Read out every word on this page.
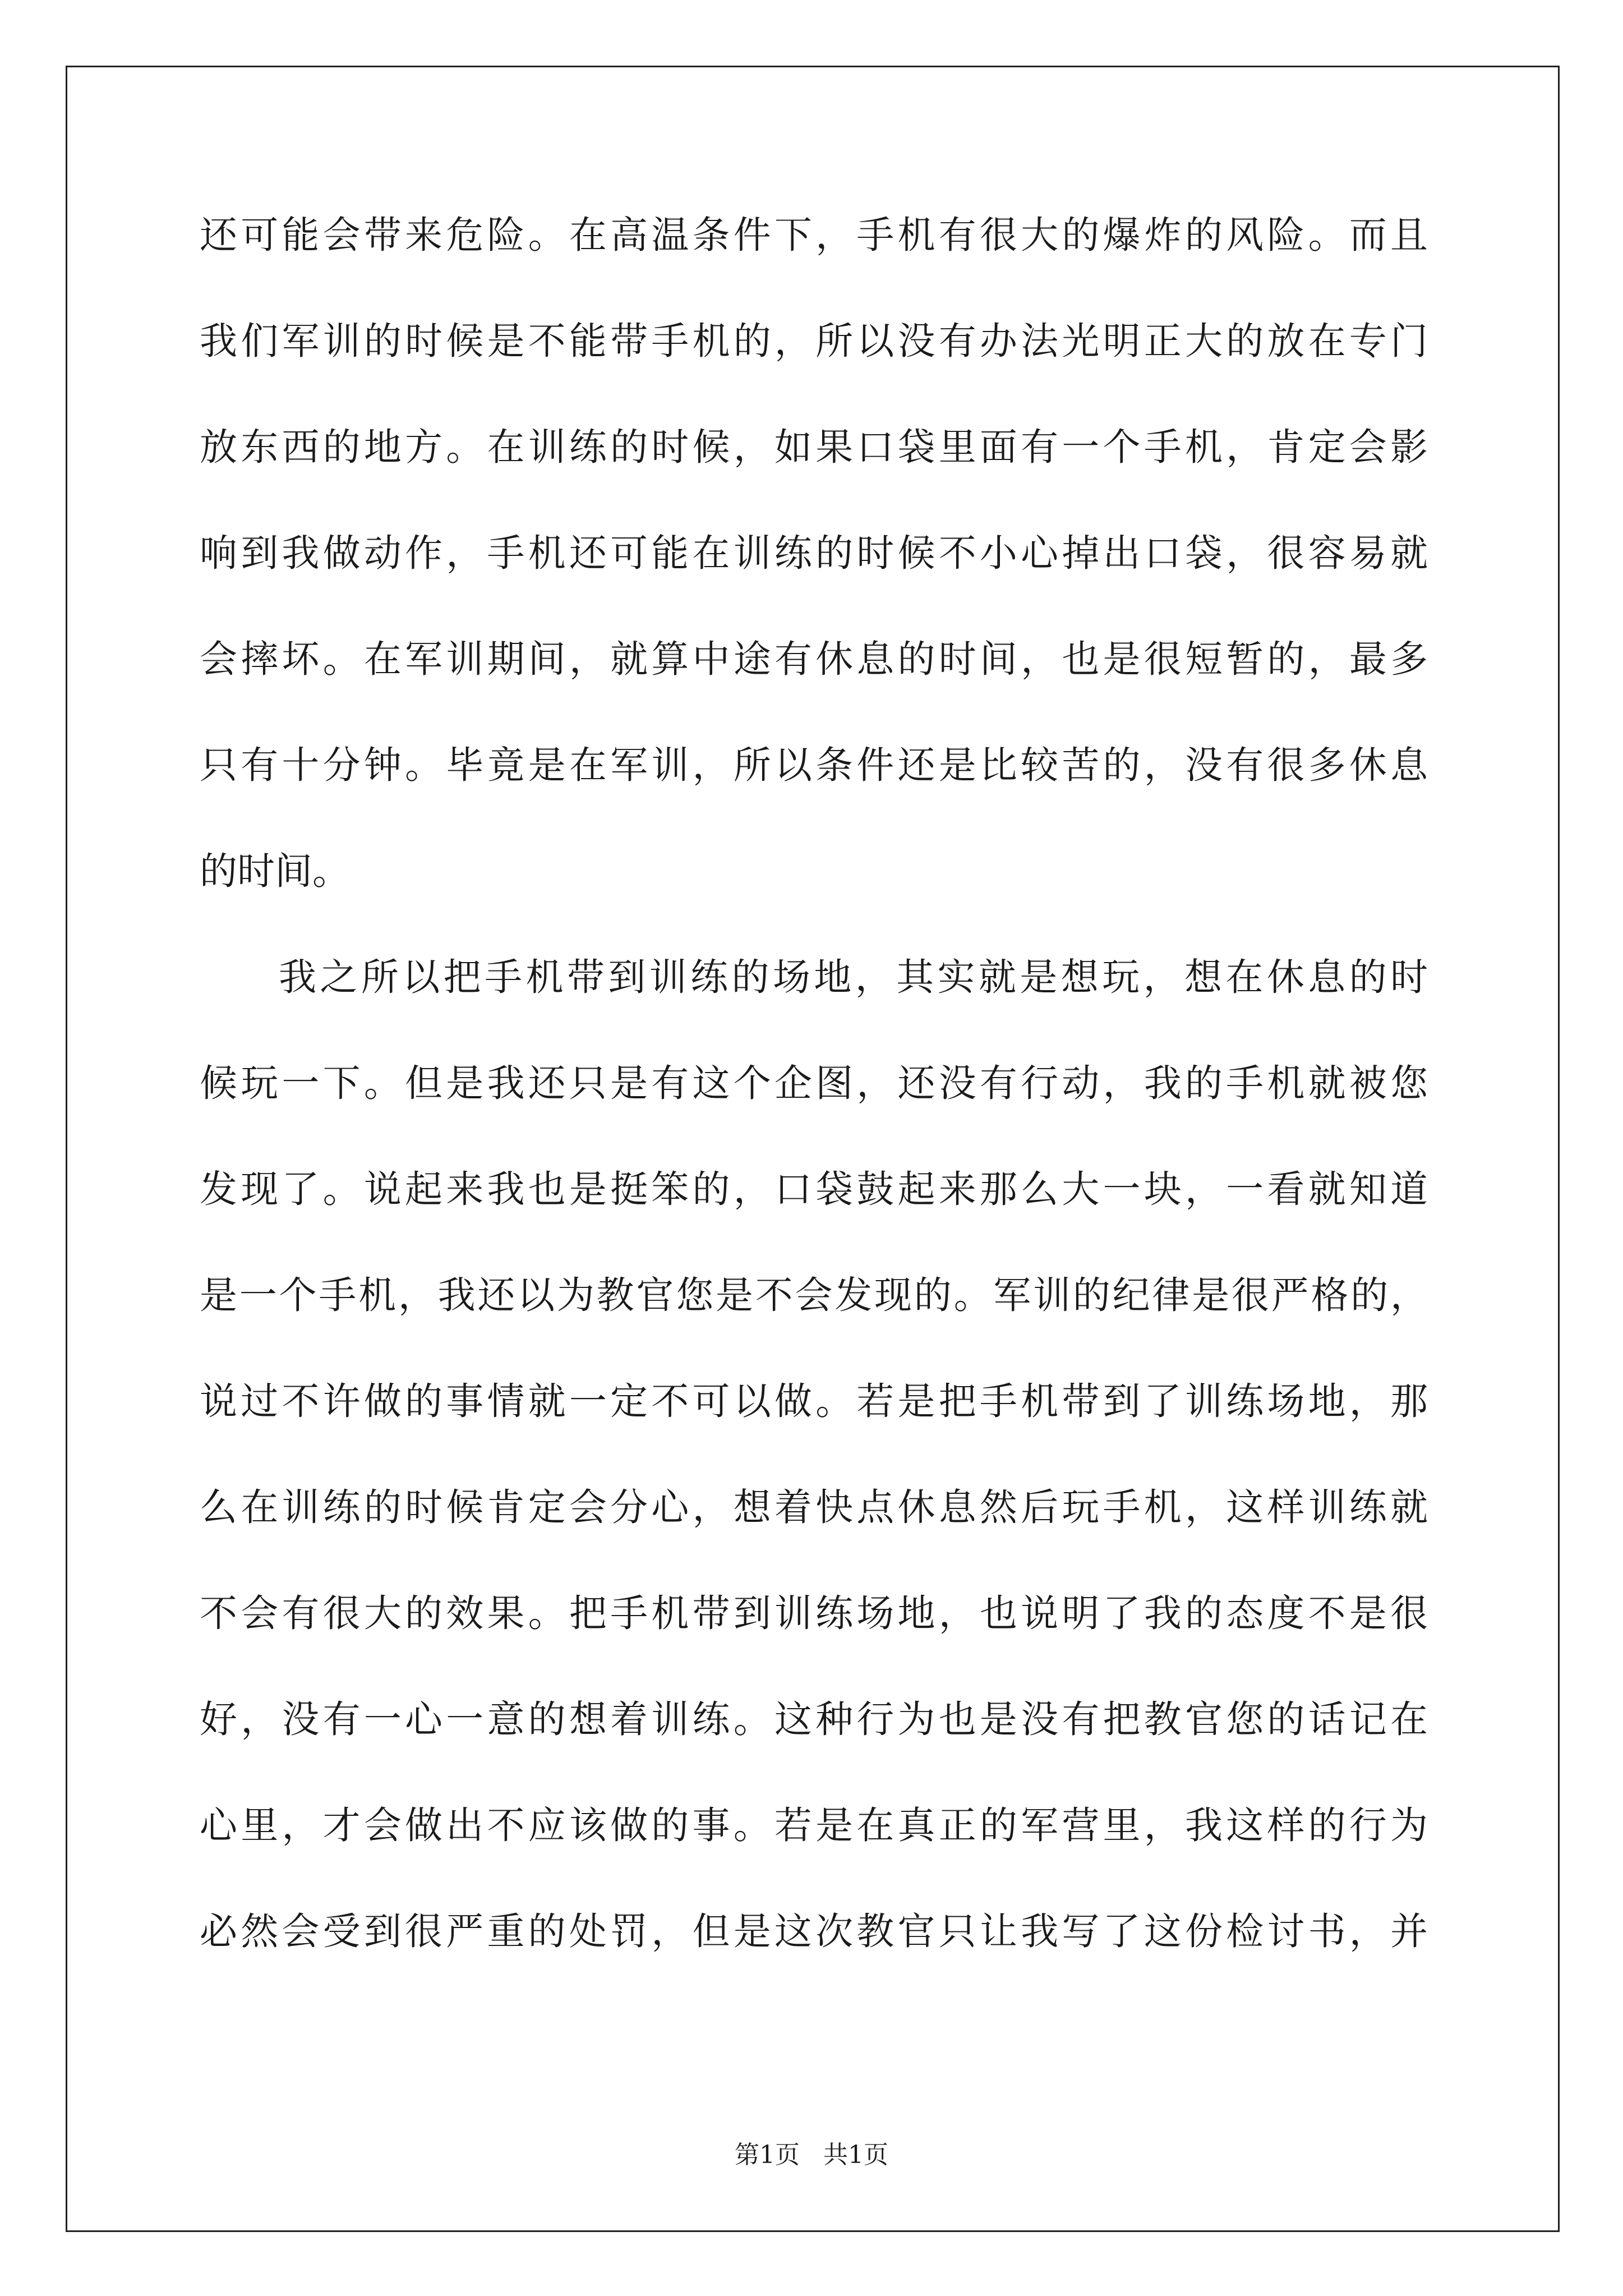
还可能会带来危险。在高温条件下，手机有很大的爆炸的风险。而且
我们军训的时候是不能带手机的，所以没有办法光明正大的放在专门
放东西的地方。在训练的时候，如果口袋里面有一个手机，肯定会影
响到我做动作，手机还可能在训练的时候不小心掉出口袋，很容易就
会摔坏。在军训期间，就算中途有休息的时间，也是很短暂的，最多
只有十分钟。毕竟是在军训，所以条件还是比较苦的，没有很多休息
的时间。
我之所以把手机带到训练的场地，其实就是想玩，想在休息的时
候玩一下。但是我还只是有这个企图，还没有行动，我的手机就被您
发现了。说起来我也是挺笨的，口袋鼓起来那么大一块，一看就知道
是一个手机，我还以为教官您是不会发现的。军训的纪律是很严格的，
说过不许做的事情就一定不可以做。若是把手机带到了训练场地，那
么在训练的时候肯定会分心，想着快点休息然后玩手机，这样训练就
不会有很大的效果。把手机带到训练场地，也说明了我的态度不是很
好，没有一心一意的想着训练。这种行为也是没有把教官您的话记在
心里，才会做出不应该做的事。若是在真正的军营里，我这样的行为
必然会受到很严重的处罚，但是这次教官只让我写了这份检讨书，并
第1页   共1页
